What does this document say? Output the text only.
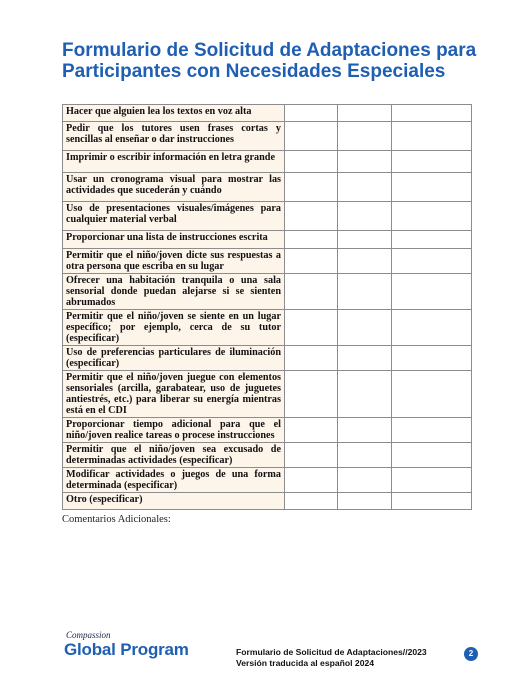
Formulario de Solicitud de Adaptaciones para
Participantes con Necesidades Especiales
Hacer que alguien lea los textos en voz alta			
Pedir que los tutores usen frases cortas y sencillas al enseñar o dar instrucciones			
Imprimir o escribir información en letra grande			
Usar un cronograma visual para mostrar las actividades que sucederán y cuándo			
Uso de presentaciones visuales/imágenes para cualquier material verbal			
Proporcionar una lista de instrucciones escrita			
Permitir que el niño/joven dicte sus respuestas a otra persona que escriba en su lugar			
Ofrecer una habitación tranquila o una sala sensorial donde puedan alejarse si se sienten abrumados			
Permitir que el niño/joven se siente en un lugar específico; por ejemplo, cerca de su tutor (especificar)			
Uso de preferencias particulares de iluminación (especificar)			
Permitir que el niño/joven juegue con elementos sensoriales (arcilla, garabatear, uso de juguetes antiestrés, etc.) para liberar su energía mientras está en el CDI			
Proporcionar tiempo adicional para que el niño/joven realice tareas o procese instrucciones			
Permitir que el niño/joven sea excusado de determinadas actividades (especificar)			
Modificar actividades o juegos de una forma determinada (especificar)			
Otro (especificar)			
Comentarios Adicionales:
Compassion
Global Program	Formulario de Solicitud de Adaptaciones//2023
Versión traducida al español 2024
2
